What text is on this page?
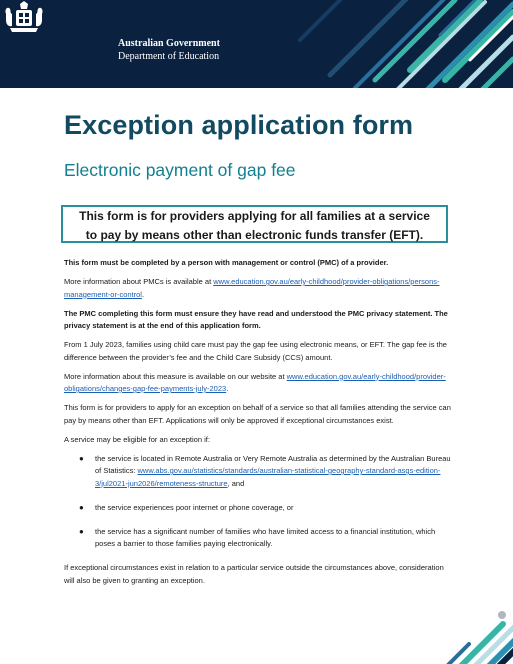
Australian Government
Department of Education
Exception application form
Electronic payment of gap fee
This form is for providers applying for all families at a service
to pay by means other than electronic funds transfer (EFT).

This form must be completed by a person with management or control (PMC) of a provider.

More information about PMCs is available at www.education.gov.au/early-childhood/provider-obligations/persons-management-or-control.

The PMC completing this form must ensure they have read and understood the PMC privacy statement. The privacy statement is at the end of this application form.

From 1 July 2023, families using child care must pay the gap fee using electronic means, or EFT. The gap fee is the difference between the provider’s fee and the Child Care Subsidy (CCS) amount.

More information about this measure is available on our website at www.education.gov.au/early-childhood/provider-obligations/changes-gap-fee-payments-july-2023.

This form is for providers to apply for an exception on behalf of a service so that all families attending the service can pay by means other than EFT. Applications will only be approved if exceptional circumstances exist.

A service may be eligible for an exception if:

● the service is located in Remote Australia or Very Remote Australia as determined by the Australian Bureau of Statistics: www.abs.gov.au/statistics/standards/australian-statistical-geography-standard-asgs-edition-3/jul2021-jun2026/remoteness-structure, and
● the service experiences poor internet or phone coverage, or
● the service has a significant number of families who have limited access to a financial institution, which poses a barrier to those families paying electronically.

If exceptional circumstances exist in relation to a particular service outside the circumstances above, consideration will also be given to granting an exception.
